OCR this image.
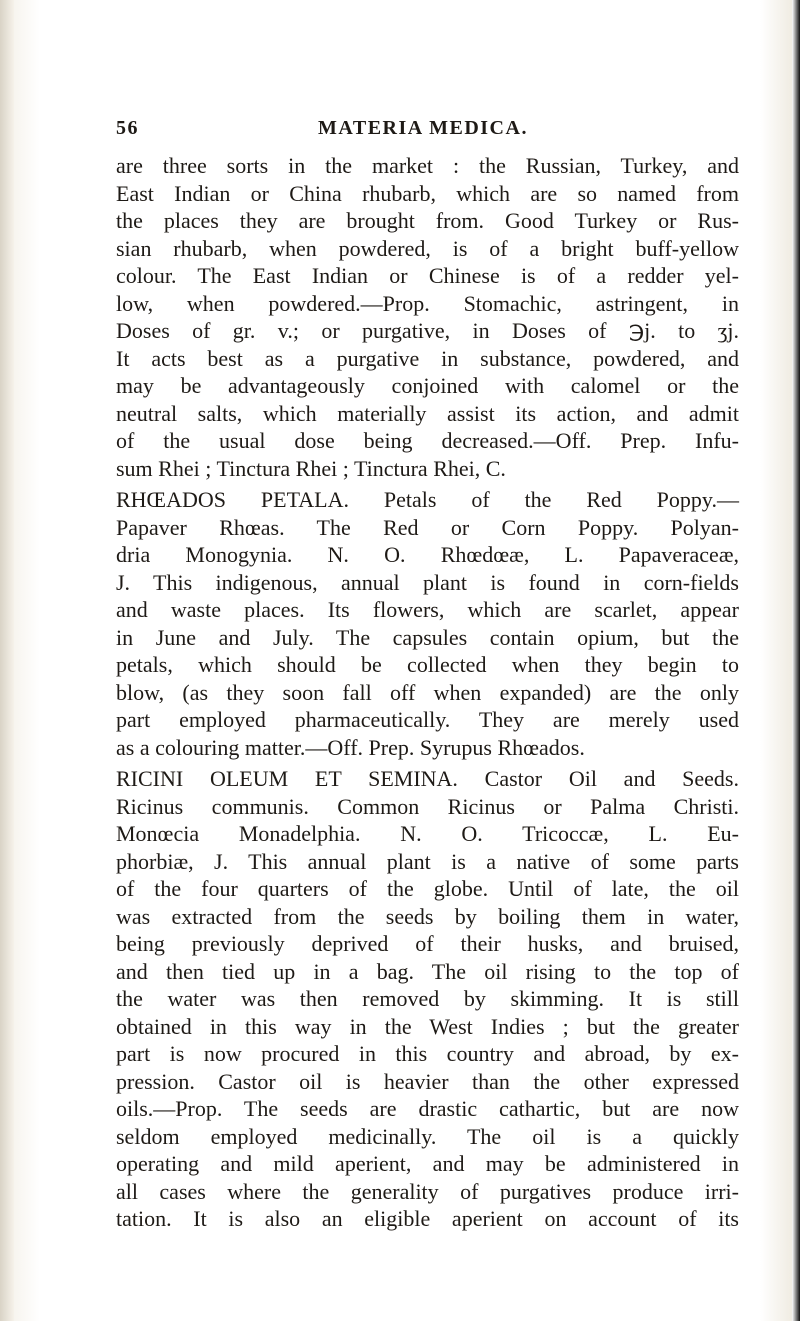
56	MATERIA MEDICA.
are three sorts in the market : the Russian, Turkey, and
East Indian or China rhubarb, which are so named from
the places they are brought from. Good Turkey or Rus-
sian rhubarb, when powdered, is of a bright buff-yellow
colour. The East Indian or Chinese is of a redder yel-
low, when powdered.—Prop. Stomachic, astringent, in
Doses of gr. v.; or purgative, in Doses of ℈j. to ʒj.
It acts best as a purgative in substance, powdered, and
may be advantageously conjoined with calomel or the
neutral salts, which materially assist its action, and admit
of the usual dose being decreased.—Off. Prep. Infu-
sum Rhei ; Tinctura Rhei ; Tinctura Rhei, C.
RHŒADOS PETALA. Petals of the Red Poppy.—
Papaver Rhœas. The Red or Corn Poppy. Polyan-
dria Monogynia. N. O. Rhœdœæ, L. Papaveraceæ,
J. This indigenous, annual plant is found in corn-fields
and waste places. Its flowers, which are scarlet, appear
in June and July. The capsules contain opium, but the
petals, which should be collected when they begin to
blow, (as they soon fall off when expanded) are the only
part employed pharmaceutically. They are merely used
as a colouring matter.—Off. Prep. Syrupus Rhœados.
RICINI OLEUM ET SEMINA. Castor Oil and Seeds.
Ricinus communis. Common Ricinus or Palma Christi.
Monœcia Monadelphia. N. O. Tricoccæ, L. Eu-
phorbiæ, J. This annual plant is a native of some parts
of the four quarters of the globe. Until of late, the oil
was extracted from the seeds by boiling them in water,
being previously deprived of their husks, and bruised,
and then tied up in a bag. The oil rising to the top of
the water was then removed by skimming. It is still
obtained in this way in the West Indies ; but the greater
part is now procured in this country and abroad, by ex-
pression. Castor oil is heavier than the other expressed
oils.—Prop. The seeds are drastic cathartic, but are now
seldom employed medicinally. The oil is a quickly
operating and mild aperient, and may be administered in
all cases where the generality of purgatives produce irri-
tation. It is also an eligible aperient on account of its
